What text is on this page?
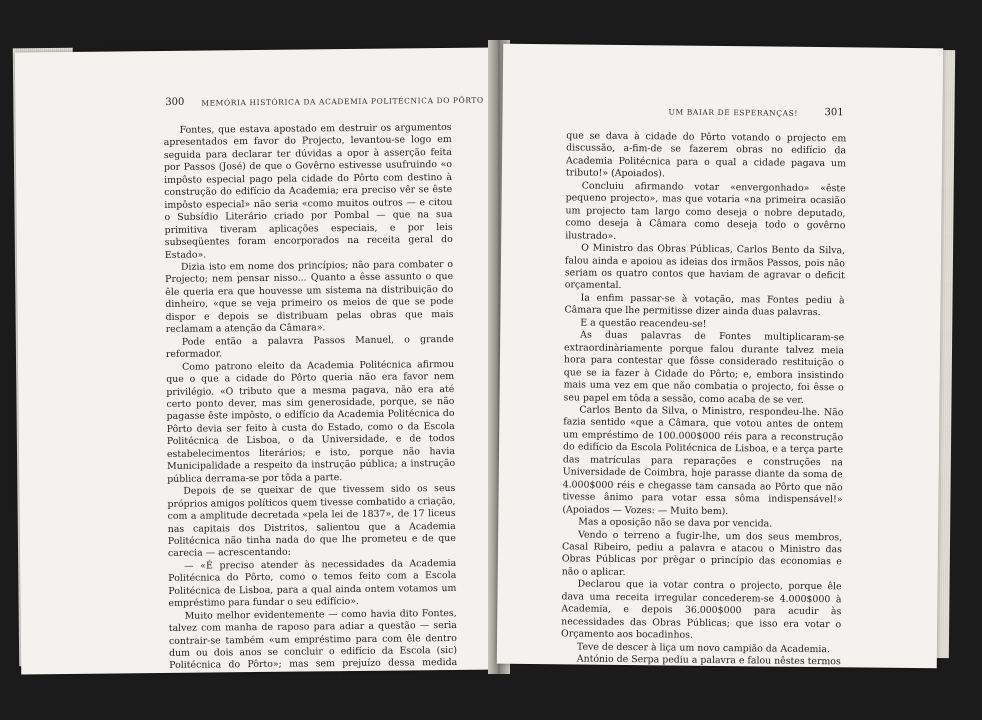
300 MEMÓRIA HISTÓRICA DA ACADEMIA POLITÉCNICA DO PÔRTO

Fontes, que estava apostado em destruir os argumentos apresentados em favor do Projecto, levantou-se logo em seguida para declarar ter dúvidas a opor à asserção feita por Passos (José) de que o Govêrno estivesse usufruindo «o impôsto especial pago pela cidade do Pôrto com destino à construção do edifício da Academia; era preciso vêr se êste impôsto especial» não seria «como muitos outros — e citou o Subsídio Literário criado por Pombal — que na sua primitiva tiveram aplicações especiais, e por leis subseqüentes foram encorporados na receita geral do Estado».

Dizia isto em nome dos princípios; não para combater o Projecto; nem pensar nisso... Quanto a êsse assunto o que êle queria era que houvesse um sistema na distribuição do dinheiro, «que se veja primeiro os meios de que se pode dispor e depois se distribuam pelas obras que mais reclamam a atenção da Câmara».

Pode então a palavra Passos Manuel, o grande reformador.

Como patrono eleito da Academia Politécnica afirmou que o que a cidade do Pôrto queria não era favor nem privilégio. «O tributo que a mesma pagava, não era até certo ponto dever, mas sim generosidade, porque, se não pagasse êste impôsto, o edifício da Academia Politécnica do Pôrto devia ser feito à custa do Estado, como o da Escola Politécnica de Lisboa, o da Universidade, e de todos estabelecimentos literários; e isto, porque não havia Municipalidade a respeito da instrução pública; a instrução pública derrama-se por tôda a parte.

Depois de se queixar de que tivessem sido os seus próprios amigos políticos quem tivesse combatido a criação, com a amplitude decretada «pela lei de 1837», de 17 liceus nas capitais dos Distritos, salientou que a Academia Politécnica não tinha nada do que lhe prometeu e de que carecia — acrescentando:

— «É preciso atender às necessidades da Academia Politécnica do Pôrto, como o temos feito com a Escola Politécnica de Lisboa, para a qual ainda ontem votamos um empréstimo para fundar o seu edifício».

Muito melhor evidentemente — como havia dito Fontes, talvez com manha de raposo para adiar a questão — seria contrair-se também «um empréstimo para com êle dentro dum ou dois anos se concluir o edifício da Escola (sic) Politécnica do Pôrto»; mas sem prejuízo dessa medida supunha que «era um testemunho de consideração

UM BAIAR DE ESPERANÇAS!	301

que se dava à cidade do Pôrto votando o projecto em discussão, a-fim-de se fazerem obras no edifício da Academia Politécnica para o qual a cidade pagava um tributo!» (Apoiados).

Concluiu afirmando votar «envergonhado» «êste pequeno projecto», mas que votaria «na primeira ocasião um projecto tam largo como deseja o nobre deputado, como deseja à Câmara como deseja todo o govêrno ilustrado».

O Ministro das Obras Públicas, Carlos Bento da Silva, falou ainda e apoiou as ideias dos irmãos Passos, pois não seriam os quatro contos que haviam de agravar o deficit orçamental.

Ia enfim passar-se à votação, mas Fontes pediu à Câmara que lhe permitisse dizer ainda duas palavras.

E a questão reacendeu-se!

As duas palavras de Fontes multiplicaram-se extraordinàriamente porque falou durante talvez meia hora para contestar que fôsse considerado restituição o que se ia fazer à Cidade do Pôrto; e, embora insistindo mais uma vez em que não combatia o projecto, foi êsse o seu papel em tôda a sessão, como acaba de se ver.

Carlos Bento da Silva, o Ministro, respondeu-lhe. Não fazia sentido «que a Câmara, que votou antes de ontem um empréstimo de 100.000$000 réis para a reconstrução do edifício da Escola Politécnica de Lisboa, e a terça parte das matrículas para reparações e construções na Universidade de Coimbra, hoje parasse diante da soma de 4.000$000 réis e chegasse tam cansada ao Pôrto que não tivesse ânimo para votar essa sôma indispensável!» (Apoiados — Vozes: — Muito bem).

Mas a oposição não se dava por vencida.

Vendo o terreno a fugir-lhe, um dos seus membros, Casal Ribeiro, pediu a palavra e atacou o Ministro das Obras Públicas por prègar o princípio das economias e não o aplicar.

Declarou que ia votar contra o projecto, porque êle dava uma receita irregular concederem-se 4.000$000 à Academia, e depois 36.000$000 para acudir às necessidades das Obras Públicas; que isso era votar o Orçamento aos bocadinhos.

Teve de descer à liça um novo campião da Academia.

António de Serpa pediu a palavra e falou nêstes termos sensatos:

— «Snr. Presidente, eu tenho visto desnaturar completamente a questão (Apoiados), tem-se votado êste ano, tem-se votado em tôdas
